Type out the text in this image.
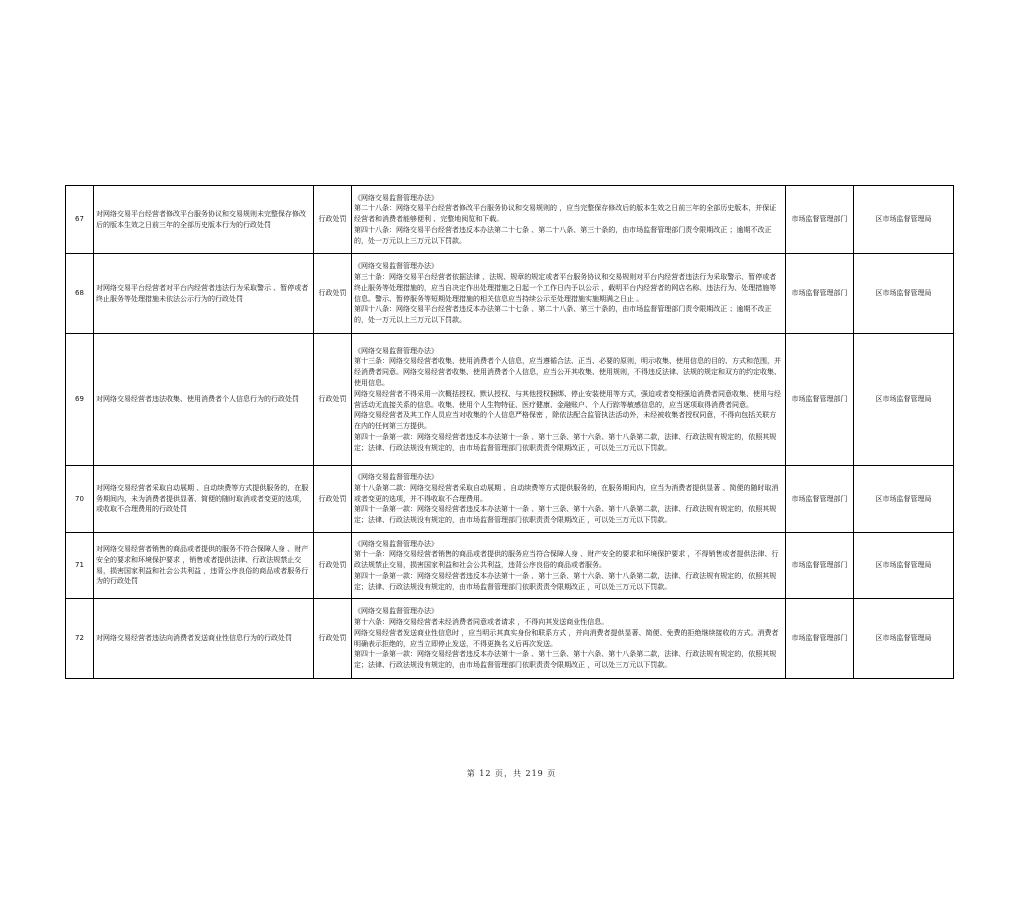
67	对网络交易平台经营者修改平台服务协议和交易规则未完整保存修改后的版本生效之日前三年的全部历史版本行为的行政处罚	行政处罚	《网络交易监督管理办法》
第二十八条：网络交易平台经营者修改平台服务协议和交易规则的 ，应当完整保存修改后的版本生效之日前三年的全部历史版本，并保证经营者和消费者能够便利 、完整地阅览和下载。
第四十八条：网络交易平台经营者违反本办法第二十七条 、第二十八条、第三十条的，由市场监督管理部门责令限期改正 ；逾期不改正的，处一万元以上三万元以下罚款。	市场监督管理部门	区市场监督管理局
68	对网络交易平台经营者对平台内经营者违法行为采取警示 、暂停或者终止服务等处理措施未依法公示行为的行政处罚	行政处罚	《网络交易监督管理办法》
第三十条：网络交易平台经营者依据法律 、法规、规章的规定或者平台服务协议和交易规则对平台内经营者违法行为采取警示、暂停或者终止服务等处理措施的，应当自决定作出处理措施之日起一个工作日内予以公示 ，载明平台内经营者的网店名称、违法行为、处理措施等信息。警示、暂停服务等短期处理措施的相关信息应当持续公示至处理措施实施期满之日止 。
第四十八条：网络交易平台经营者违反本办法第二十七条 、第二十八条、第三十条的，由市场监督管理部门责令限期改正 ；逾期不改正的，处一万元以上三万元以下罚款。	市场监督管理部门	区市场监督管理局
69	对网络交易经营者违法收集、使用消费者个人信息行为的行政处罚	行政处罚	《网络交易监督管理办法》
第十三条：网络交易经营者收集、使用消费者个人信息，应当遵循合法、正当、必要的原则，明示收集、使用信息的目的、方式和范围，并经消费者同意。网络交易经营者收集、使用消费者个人信息，应当公开其收集、使用规则，不得违反法律、法规的规定和双方的约定收集、使用信息。
网络交易经营者不得采用一次概括授权、默认授权、与其他授权捆绑、停止安装使用等方式，强迫或者变相强迫消费者同意收集、使用与经营活动无直接关系的信息。收集、使用个人生物特征、医疗健康、金融账户、个人行踪等敏感信息的，应当逐项取得消费者同意。
网络交易经营者及其工作人员应当对收集的个人信息严格保密 ，除依法配合监管执法活动外，未经被收集者授权同意，不得向包括关联方在内的任何第三方提供。
第四十一条第一款：网络交易经营者违反本办法第十一条 、第十三条、第十六条、第十八条第二款，法律、行政法规有规定的，依照其规定；法律、行政法规没有规定的，由市场监督管理部门依职责责令限期改正 ，可以处三万元以下罚款。	市场监督管理部门	区市场监督管理局
70	对网络交易经营者采取自动展期 、自动续费等方式提供服务的，在服务期间内，未为消费者提供显著、简便的随时取消或者变更的选项，或收取不合理费用的行政处罚	行政处罚	《网络交易监督管理办法》
第十八条第二款：网络交易经营者采取自动展期 、自动续费等方式提供服务的，在服务期间内，应当为消费者提供显著 、简便的随时取消或者变更的选项，并不得收取不合理费用。
第四十一条第一款：网络交易经营者违反本办法第十一条 、第十三条、第十六条、第十八条第二款，法律、行政法规有规定的，依照其规定；法律、行政法规没有规定的，由市场监督管理部门依职责责令限期改正 ，可以处三万元以下罚款。	市场监督管理部门	区市场监督管理局
71	对网络交易经营者销售的商品或者提供的服务不符合保障人身 、财产安全的要求和环境保护要求 ，销售或者提供法律、行政法规禁止交易，损害国家利益和社会公共利益 ，违背公序良俗的商品或者服务行为的行政处罚	行政处罚	《网络交易监督管理办法》
第十一条：网络交易经营者销售的商品或者提供的服务应当符合保障人身 、财产安全的要求和环境保护要求 ，不得销售或者提供法律、行政法规禁止交易，损害国家利益和社会公共利益，违背公序良俗的商品或者服务。
第四十一条第一款：网络交易经营者违反本办法第十一条 、第十三条、第十六条、第十八条第二款，法律、行政法规有规定的，依照其规定；法律、行政法规没有规定的，由市场监督管理部门依职责责令限期改正 ，可以处三万元以下罚款。	市场监督管理部门	区市场监督管理局
72	对网络交易经营者违法向消费者发送商业性信息行为的行政处罚	行政处罚	《网络交易监督管理办法》
第十六条：网络交易经营者未经消费者同意或者请求 ，不得向其发送商业性信息。
网络交易经营者发送商业性信息时 ，应当明示其真实身份和联系方式 ，并向消费者提供显著、简便、免费的拒绝继续接收的方式。消费者明确表示拒绝的，应当立即停止发送，不得更换名义后再次发送。
第四十一条第一款：网络交易经营者违反本办法第十一条 、第十三条、第十六条、第十八条第二款，法律、行政法规有规定的，依照其规定；法律、行政法规没有规定的，由市场监督管理部门依职责责令限期改正 ，可以处三万元以下罚款。	市场监督管理部门	区市场监督管理局
第 12 页，共 219 页
